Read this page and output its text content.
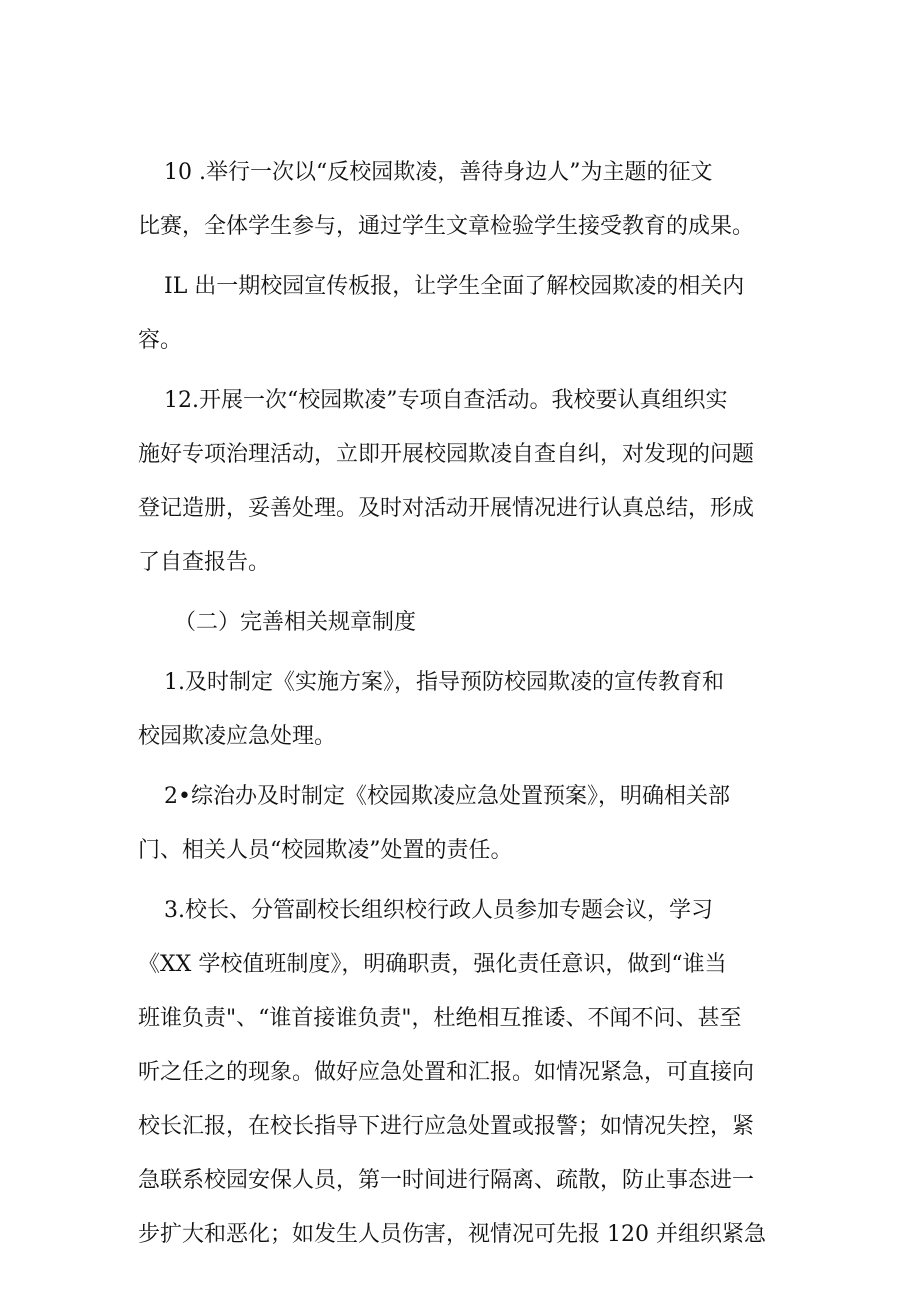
10 .举行一次以“反校园欺凌，善待身边人”为主题的征文
比赛，全体学生参与，通过学生文章检验学生接受教育的成果。
IL 出一期校园宣传板报，让学生全面了解校园欺凌的相关内
容。
12.开展一次“校园欺凌”专项自查活动。我校要认真组织实
施好专项治理活动，立即开展校园欺凌自查自纠，对发现的问题
登记造册，妥善处理。及时对活动开展情况进行认真总结，形成
了自查报告。
（二）完善相关规章制度
1.及时制定《实施方案》，指导预防校园欺凌的宣传教育和
校园欺凌应急处理。
2•综治办及时制定《校园欺凌应急处置预案》，明确相关部
门、相关人员“校园欺凌”处置的责任。
3.校长、分管副校长组织校行政人员参加专题会议，学习
《XX 学校值班制度》，明确职责，强化责任意识，做到“谁当
班谁负责"、“谁首接谁负责"，杜绝相互推诿、不闻不问、甚至
听之任之的现象。做好应急处置和汇报。如情况紧急，可直接向
校长汇报，在校长指导下进行应急处置或报警；如情况失控，紧
急联系校园安保人员，第一时间进行隔离、疏散，防止事态进一
步扩大和恶化；如发生人员伤害，视情况可先报 120 并组织紧急
